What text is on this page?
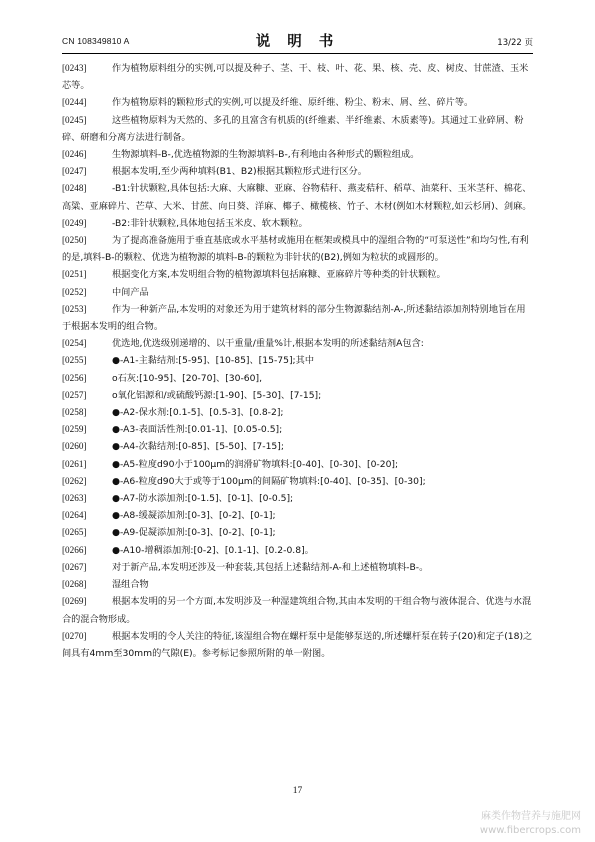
CN 108349810 A	说 明 书	13/22 页
[0243]	作为植物原料组分的实例,可以提及种子、茎、干、枝、叶、花、果、核、壳、皮、树皮、甘蔗渣、玉米芯等。
[0244]	作为植物原料的颗粒形式的实例,可以提及纤维、原纤维、粉尘、粉末、屑、丝、碎片等。
[0245]	这些植物原料为天然的、多孔的且富含有机质的(纤维素、半纤维素、木质素等)。其通过工业碎屑、粉碎、研磨和分离方法进行制备。
[0246]	生物源填料-B-,优选植物源的生物源填料-B-,有利地由各种形式的颗粒组成。
[0247]	根据本发明,至少两种填料(B1、B2)根据其颗粒形式进行区分。
[0248]	-B1:针状颗粒,具体包括:大麻、大麻糠、亚麻、谷物秸秆、燕麦秸秆、稻草、油菜秆、玉米茎秆、棉花、高粱、亚麻碎片、芒草、大米、甘蔗、向日葵、洋麻、椰子、橄榄核、竹子、木材(例如木材颗粒,如云杉屑)、剑麻。
[0249]	-B2:非针状颗粒,具体地包括玉米皮、软木颗粒。
[0250]	为了提高准备施用于垂直基底或水平基材或施用在框架或模具中的湿组合物的“可泵送性”和均匀性,有利的是,填料-B-的颗粒、优选为植物源的填料-B-的颗粒为非针状的(B2),例如为粒状的或圆形的。
[0251]	根据变化方案,本发明组合物的植物源填料包括麻糠、亚麻碎片等种类的针状颗粒。
[0252]	中间产品
[0253]	作为一种新产品,本发明的对象还为用于建筑材料的部分生物源黏结剂-A-,所述黏结添加剂特别地旨在用于根据本发明的组合物。
[0254]	优选地,优选级别递增的、以干重量/重量%计,根据本发明的所述黏结剂A包含:
[0255]	●-A1-主黏结剂:[5-95]、[10-85]、[15-75];其中
[0256]	o石灰:[10-95]、[20-70]、[30-60],
[0257]	o氧化铝源和/或硫酸钙源:[1-90]、[5-30]、[7-15];
[0258]	●-A2-保水剂:[0.1-5]、[0.5-3]、[0.8-2];
[0259]	●-A3-表面活性剂:[0.01-1]、[0.05-0.5];
[0260]	●-A4-次黏结剂:[0-85]、[5-50]、[7-15];
[0261]	●-A5-粒度d90小于100μm的润滑矿物填料:[0-40]、[0-30]、[0-20];
[0262]	●-A6-粒度d90大于或等于100μm的间隔矿物填料:[0-40]、[0-35]、[0-30];
[0263]	●-A7-防水添加剂:[0-1.5]、[0-1]、[0-0.5];
[0264]	●-A8-缓凝添加剂:[0-3]、[0-2]、[0-1];
[0265]	●-A9-促凝添加剂:[0-3]、[0-2]、[0-1];
[0266]	●-A10-增稠添加剂:[0-2]、[0.1-1]、[0.2-0.8]。
[0267]	对于新产品,本发明还涉及一种套装,其包括上述黏结剂-A-和上述植物填料-B-。
[0268]	湿组合物
[0269]	根据本发明的另一个方面,本发明涉及一种湿建筑组合物,其由本发明的干组合物与液体混合、优选与水混合的混合物形成。
[0270]	根据本发明的令人关注的特征,该湿组合物在螺杆泵中是能够泵送的,所述螺杆泵在转子(20)和定子(18)之间具有4mm至30mm的气隙(E)。参考标记参照所附的单一附图。
17
麻类作物营养与施肥网
www.fibercrops.com
